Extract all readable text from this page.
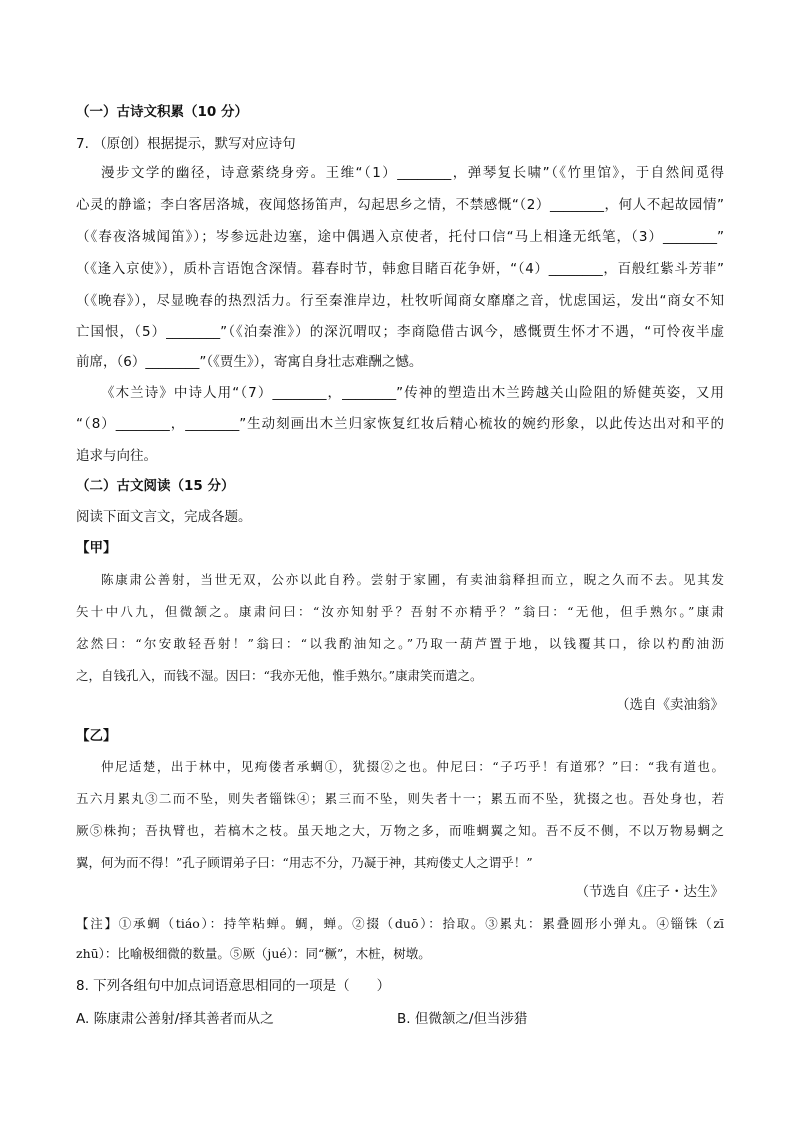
（一）古诗文积累（10 分）
7. （原创）根据提示，默写对应诗句
漫步文学的幽径，诗意萦绕身旁。王维“（1）________，弹琴复长啸”（《竹里馆》，于自然间觅得
心灵的静谧；李白客居洛城，夜闻悠扬笛声，勾起思乡之情，不禁感慨“（2）________，何人不起故园情”
（《春夜洛城闻笛》）；岑参远赴边塞，途中偶遇入京使者，托付口信“马上相逢无纸笔，（3）________”
（《逢入京使》），质朴言语饱含深情。暮春时节，韩愈目睹百花争妍，“（4）________，百般红紫斗芳菲”
（《晚春》），尽显晚春的热烈活力。行至秦淮岸边，杜牧听闻商女靡靡之音，忧虑国运，发出“商女不知
亡国恨，（5）________”（《泊秦淮》）的深沉喟叹；李商隐借古讽今，感慨贾生怀才不遇，“可怜夜半虚
前席，（6）________”（《贾生》），寄寓自身壮志难酬之憾。
《木兰诗》中诗人用“（7）________，________”传神的塑造出木兰跨越关山险阻的矫健英姿，又用
“（8）________，________”生动刻画出木兰归家恢复红妆后精心梳妆的婉约形象，以此传达出对和平的
追求与向往。
（二）古文阅读（15 分）
阅读下面文言文，完成各题。
【甲】
陈康肃公善射，当世无双，公亦以此自矜。尝射于家圃，有卖油翁释担而立，睨之久而不去。见其发
矢十中八九，但微颔之。康肃问曰：“汝亦知射乎？吾射不亦精乎？”翁曰：“无他，但手熟尔。”康肃
忿然曰：“尔安敢轻吾射！”翁曰：“以我酌油知之。”乃取一葫芦置于地，以钱覆其口，徐以杓酌油沥
之，自钱孔入，而钱不湿。因曰：“我亦无他，惟手熟尔。”康肃笑而遣之。
（选自《卖油翁》
【乙】
仲尼适楚，出于林中，见痀偻者承蜩①，犹掇②之也。仲尼曰：“子巧乎！有道邪？”曰：“我有道也。
五六月累丸③二而不坠，则失者锱铢④；累三而不坠，则失者十一；累五而不坠，犹掇之也。吾处身也，若
厥⑤株拘；吾执臂也，若槁木之枝。虽天地之大，万物之多，而唯蜩翼之知。吾不反不侧，不以万物易蜩之
翼，何为而不得！”孔子顾谓弟子曰：“用志不分，乃凝于神，其痀偻丈人之谓乎！”
（节选自《庄子・达生》
【注】①承蜩（tiáo）：持竿粘蝉。蜩，蝉。②掇（duō）：拾取。③累丸：累叠圆形小弹丸。④锱铢（zī
zhū）：比喻极细微的数量。⑤厥（jué）：同“橛”，木桩，树墩。
8. 下列各组句中加点词语意思相同的一项是（　　）
A. 陈康肃公善射/择其善者而从之	B. 但微颔之/但当涉猎
